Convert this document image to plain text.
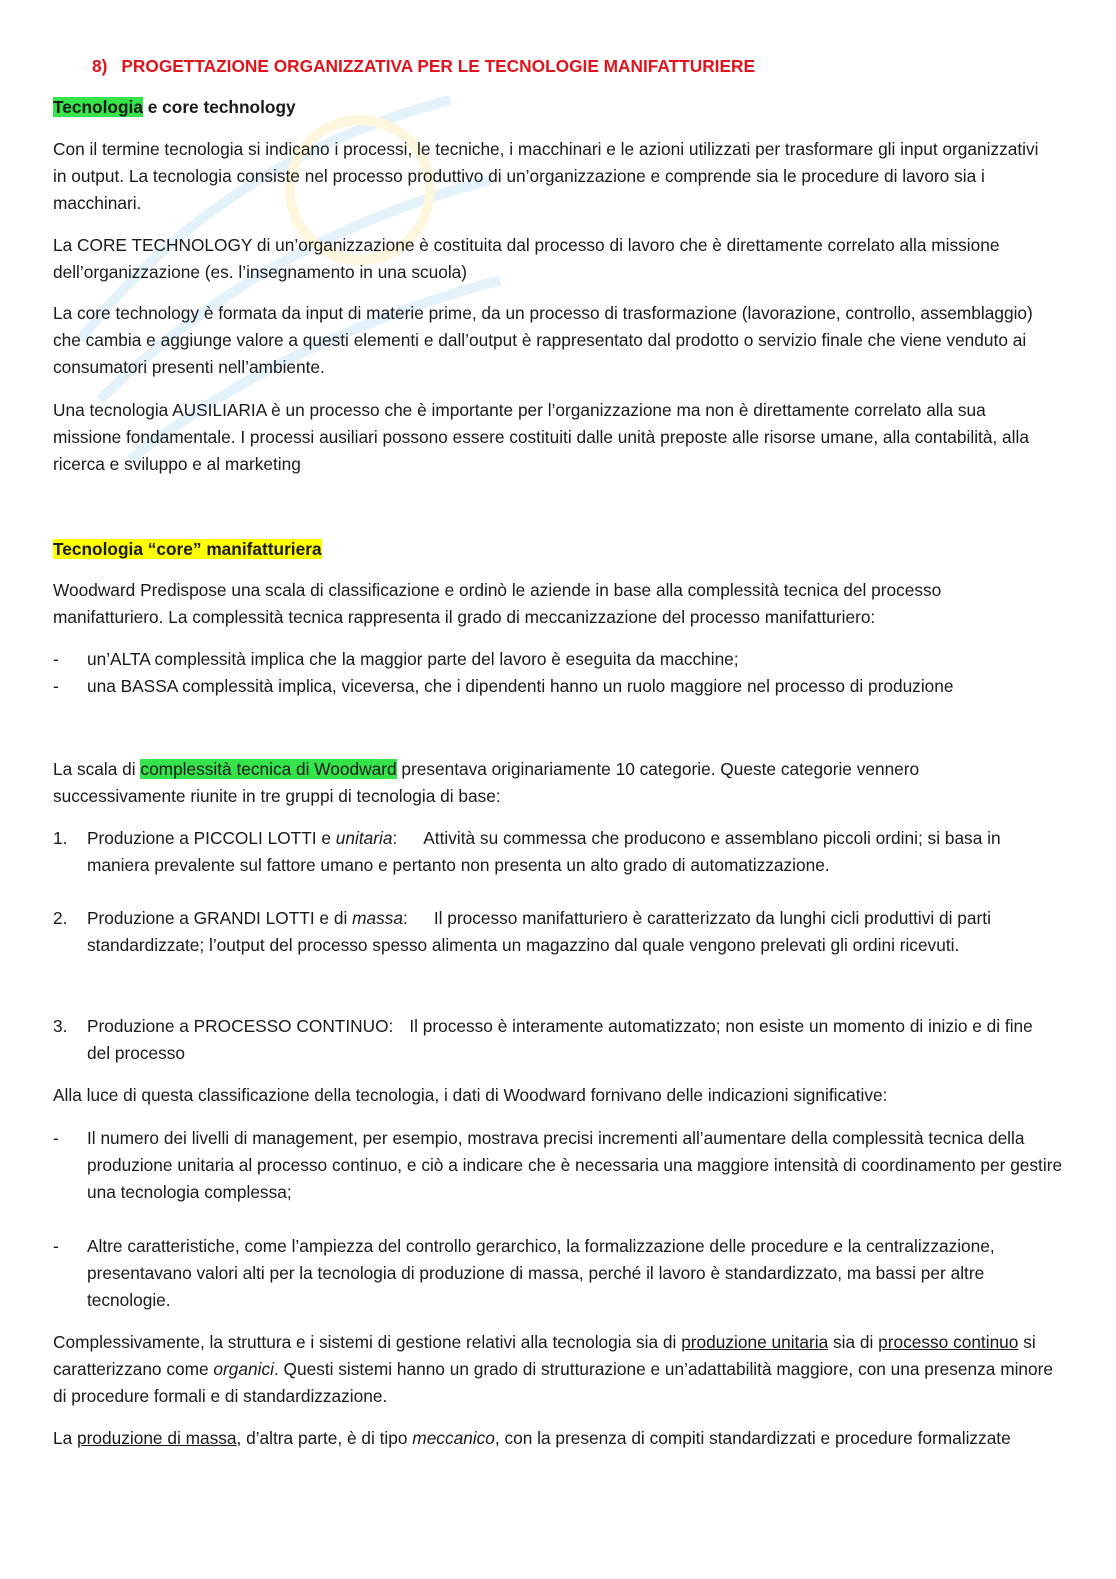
8) PROGETTAZIONE ORGANIZZATIVA PER LE TECNOLOGIE MANIFATTURIERE

Tecnologia e core technology

Con il termine tecnologia si indicano i processi, le tecniche, i macchinari e le azioni utilizzati per trasformare gli input organizzativi in output. La tecnologia consiste nel processo produttivo di un’organizzazione e comprende sia le procedure di lavoro sia i macchinari.

La CORE TECHNOLOGY di un’organizzazione è costituita dal processo di lavoro che è direttamente correlato alla missione dell’organizzazione (es. l’insegnamento in una scuola)

La core technology è formata da input di materie prime, da un processo di trasformazione (lavorazione, controllo, assemblaggio) che cambia e aggiunge valore a questi elementi e dall’output è rappresentato dal prodotto o servizio finale che viene venduto ai consumatori presenti nell’ambiente.

Una tecnologia AUSILIARIA è un processo che è importante per l’organizzazione ma non è direttamente correlato alla sua missione fondamentale. I processi ausiliari possono essere costituiti dalle unità preposte alle risorse umane, alla contabilità, alla ricerca e sviluppo e al marketing

Tecnologia “core” manifatturiera

Woodward Predispose una scala di classificazione e ordinò le aziende in base alla complessità tecnica del processo manifatturiero. La complessità tecnica rappresenta il grado di meccanizzazione del processo manifatturiero:

- un’ALTA complessità implica che la maggior parte del lavoro è eseguita da macchine;
- una BASSA complessità implica, viceversa, che i dipendenti hanno un ruolo maggiore nel processo di produzione

La scala di complessità tecnica di Woodward presentava originariamente 10 categorie. Queste categorie vennero successivamente riunite in tre gruppi di tecnologia di base:

1. Produzione a PICCOLI LOTTI e unitaria: Attività su commessa che producono e assemblano piccoli ordini; si basa in maniera prevalente sul fattore umano e pertanto non presenta un alto grado di automatizzazione.
2. Produzione a GRANDI LOTTI e di massa: Il processo manifatturiero è caratterizzato da lunghi cicli produttivi di parti standardizzate; l’output del processo spesso alimenta un magazzino dal quale vengono prelevati gli ordini ricevuti.
3. Produzione a PROCESSO CONTINUO: Il processo è interamente automatizzato; non esiste un momento di inizio e di fine del processo

Alla luce di questa classificazione della tecnologia, i dati di Woodward fornivano delle indicazioni significative:

- Il numero dei livelli di management, per esempio, mostrava precisi incrementi all’aumentare della complessità tecnica della produzione unitaria al processo continuo, e ciò a indicare che è necessaria una maggiore intensità di coordinamento per gestire una tecnologia complessa;
- Altre caratteristiche, come l’ampiezza del controllo gerarchico, la formalizzazione delle procedure e la centralizzazione, presentavano valori alti per la tecnologia di produzione di massa, perché il lavoro è standardizzato, ma bassi per altre tecnologie.

Complessivamente, la struttura e i sistemi di gestione relativi alla tecnologia sia di produzione unitaria sia di processo continuo si caratterizzano come organici. Questi sistemi hanno un grado di strutturazione e un’adattabilità maggiore, con una presenza minore di procedure formali e di standardizzazione.

La produzione di massa, d’altra parte, è di tipo meccanico, con la presenza di compiti standardizzati e procedure formalizzate
